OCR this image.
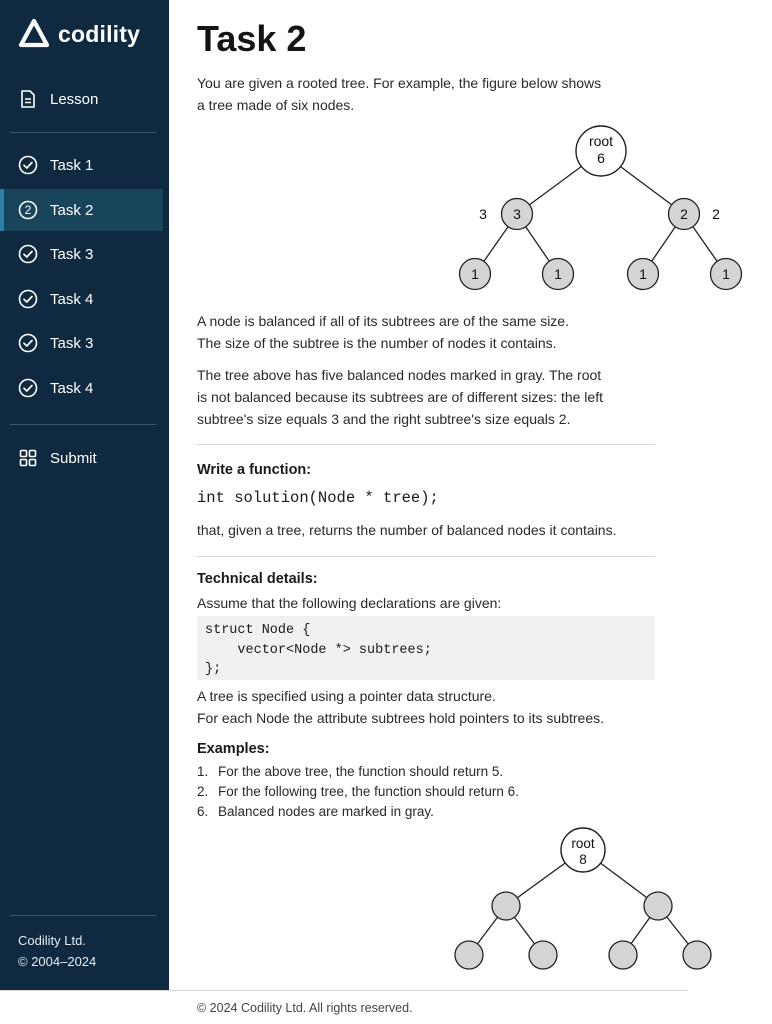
codility
Lesson
Task 1
2 Task 2
Task 3
Task 4
Task 3
Task 4
Submit
Codility Ltd.
© 2004–2024
Task 2

You are given a rooted tree. For example, the figure below shows
a tree made of six nodes.

root
6
3
3	2 2
1	1	1	1

A node is balanced if all of its subtrees are of the same size.
The size of the subtree is the number of nodes it contains.

The tree above has five balanced nodes marked in gray. The root
is not balanced because its subtrees are of different sizes: the left
subtree's size equals 3 and the right subtree's size equals 2.

Write a function:
int solution(Node * tree);

that, given a tree, returns the number of balanced nodes it contains.

Technical details:

Assume that the following declarations are given:

struct Node {
vector<Node *> subtrees;
};

A tree is specified using a pointer data structure.
For each Node the attribute subtrees hold pointers to its subtrees.

Examples:
1. For the above tree, the function should return 5.
2. For the following tree, the function should return 6.
6. Balanced nodes are marked in gray.
root
8
© 2024 Codility Ltd. All rights reserved.
